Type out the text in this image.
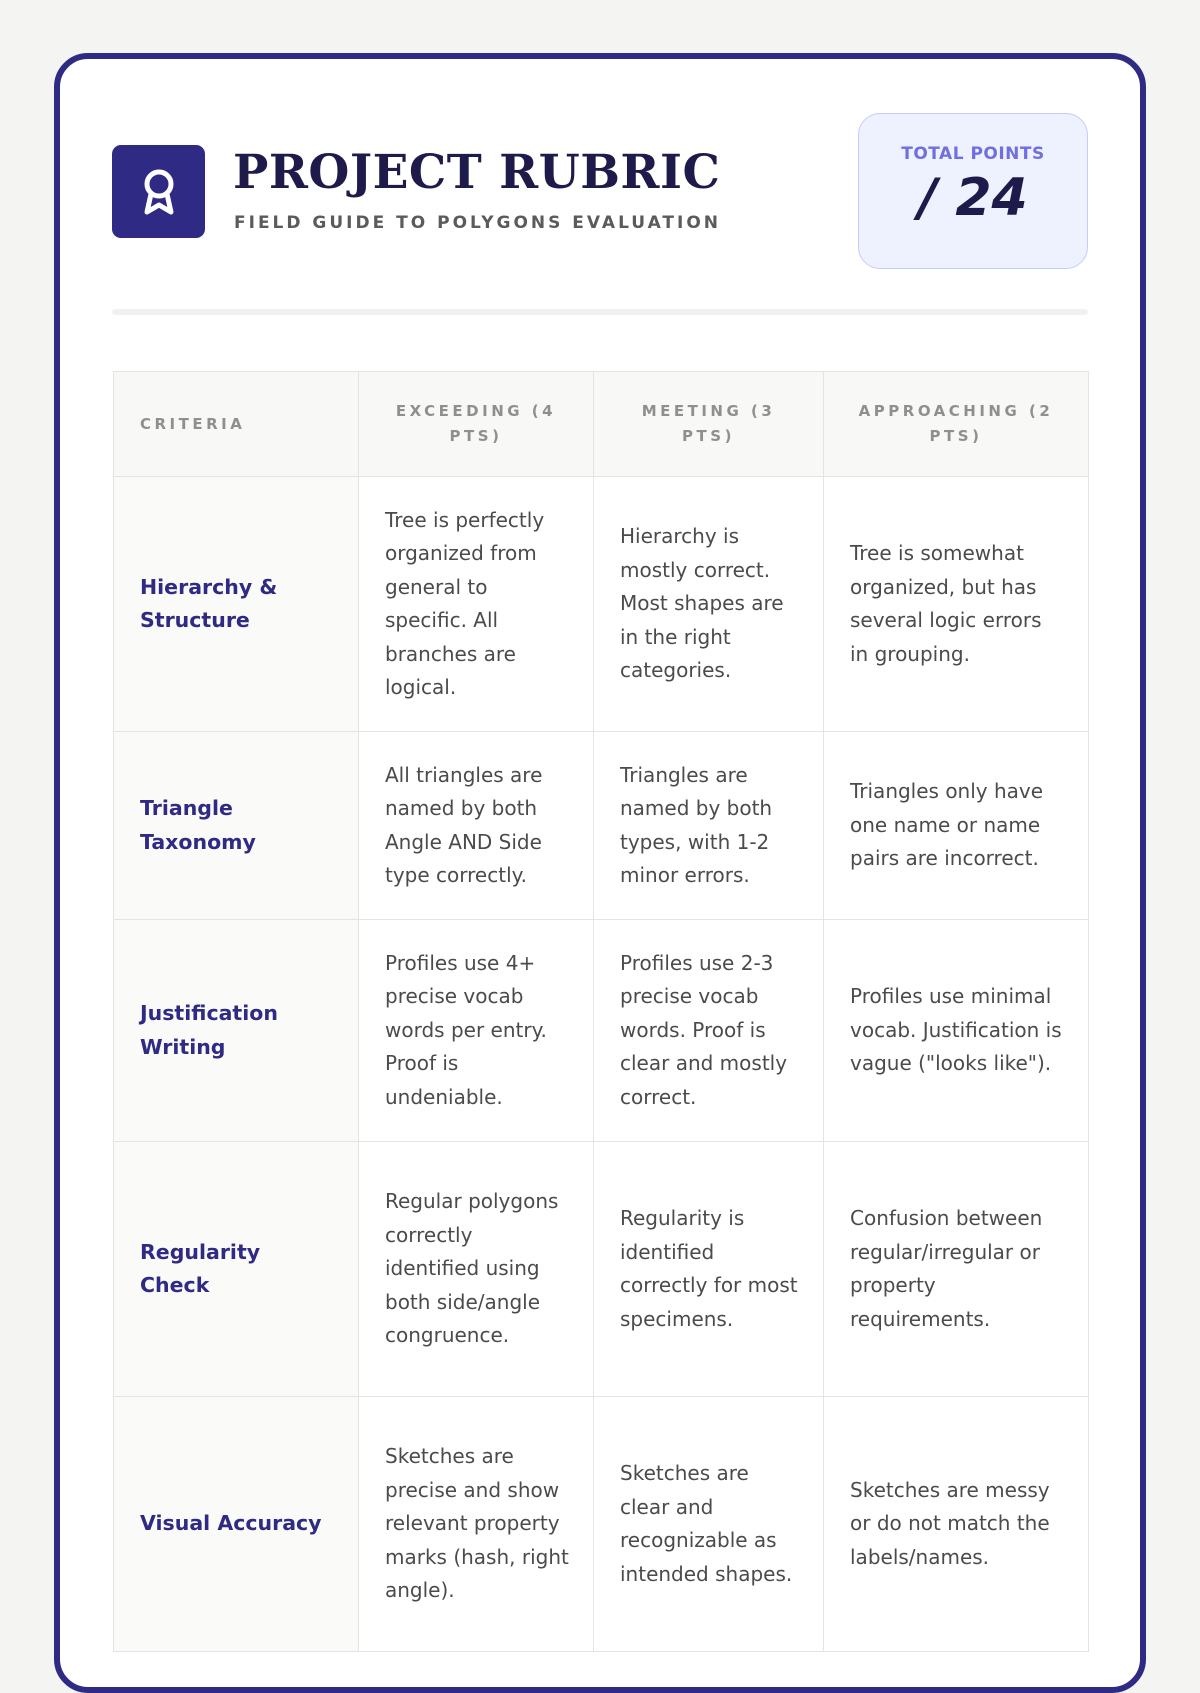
PROJECT RUBRIC
FIELD GUIDE TO POLYGONS EVALUATION
TOTAL POINTS
/ 24
CRITERIA	EXCEEDING (4 PTS)	MEETING (3 PTS)	APPROACHING (2 PTS)
Hierarchy & Structure	Tree is perfectly organized from general to specific. All branches are logical.	Hierarchy is mostly correct. Most shapes are in the right categories.	Tree is somewhat organized, but has several logic errors in grouping.
Triangle Taxonomy	All triangles are named by both Angle AND Side type correctly.	Triangles are named by both types, with 1-2 minor errors.	Triangles only have one name or name pairs are incorrect.
Justification Writing	Profiles use 4+ precise vocab words per entry. Proof is undeniable.	Profiles use 2-3 precise vocab words. Proof is clear and mostly correct.	Profiles use minimal vocab. Justification is vague ("looks like").
Regularity Check	Regular polygons correctly identified using both side/angle congruence.	Regularity is identified correctly for most specimens.	Confusion between regular/irregular or property requirements.
Visual Accuracy	Sketches are precise and show relevant property marks (hash, right angle).	Sketches are clear and recognizable as intended shapes.	Sketches are messy or do not match the labels/names.
